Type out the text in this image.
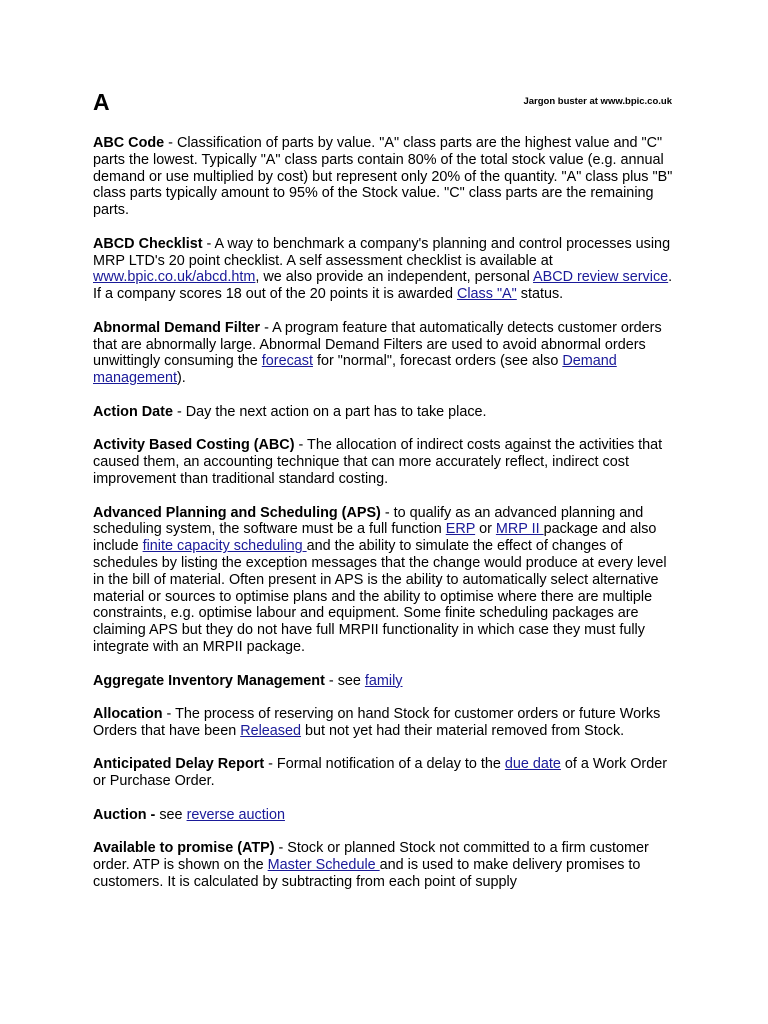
A	Jargon buster at www.bpic.co.uk

ABC Code - Classification of parts by value. "A" class parts are the highest value and "C" parts the lowest. Typically "A" class parts contain 80% of the total stock value (e.g. annual demand or use multiplied by cost) but represent only 20% of the quantity. "A" class plus "B" class parts typically amount to 95% of the Stock value. "C" class parts are the remaining parts.

ABCD Checklist - A way to benchmark a company's planning and control processes using MRP LTD's 20 point checklist. A self assessment checklist is available at www.bpic.co.uk/abcd.htm, we also provide an independent, personal ABCD review service. If a company scores 18 out of the 20 points it is awarded Class "A" status.

Abnormal Demand Filter - A program feature that automatically detects customer orders that are abnormally large. Abnormal Demand Filters are used to avoid abnormal orders unwittingly consuming the forecast for "normal", forecast orders (see also Demand management).

Action Date - Day the next action on a part has to take place.

Activity Based Costing (ABC) - The allocation of indirect costs against the activities that caused them, an accounting technique that can more accurately reflect, indirect cost improvement than traditional standard costing.

Advanced Planning and Scheduling (APS) - to qualify as an advanced planning and scheduling system, the software must be a full function ERP or MRP II package and also include finite capacity scheduling and the ability to simulate the effect of changes of schedules by listing the exception messages that the change would produce at every level in the bill of material. Often present in APS is the ability to automatically select alternative material or sources to optimise plans and the ability to optimise where there are multiple constraints, e.g. optimise labour and equipment. Some finite scheduling packages are claiming APS but they do not have full MRPII functionality in which case they must fully integrate with an MRPII package.

Aggregate Inventory Management - see family

Allocation - The process of reserving on hand Stock for customer orders or future Works Orders that have been Released but not yet had their material removed from Stock.

Anticipated Delay Report - Formal notification of a delay to the due date of a Work Order or Purchase Order.

Auction - see reverse auction

Available to promise (ATP) - Stock or planned Stock not committed to a firm customer order. ATP is shown on the Master Schedule and is used to make delivery promises to customers. It is calculated by subtracting from each point of supply
